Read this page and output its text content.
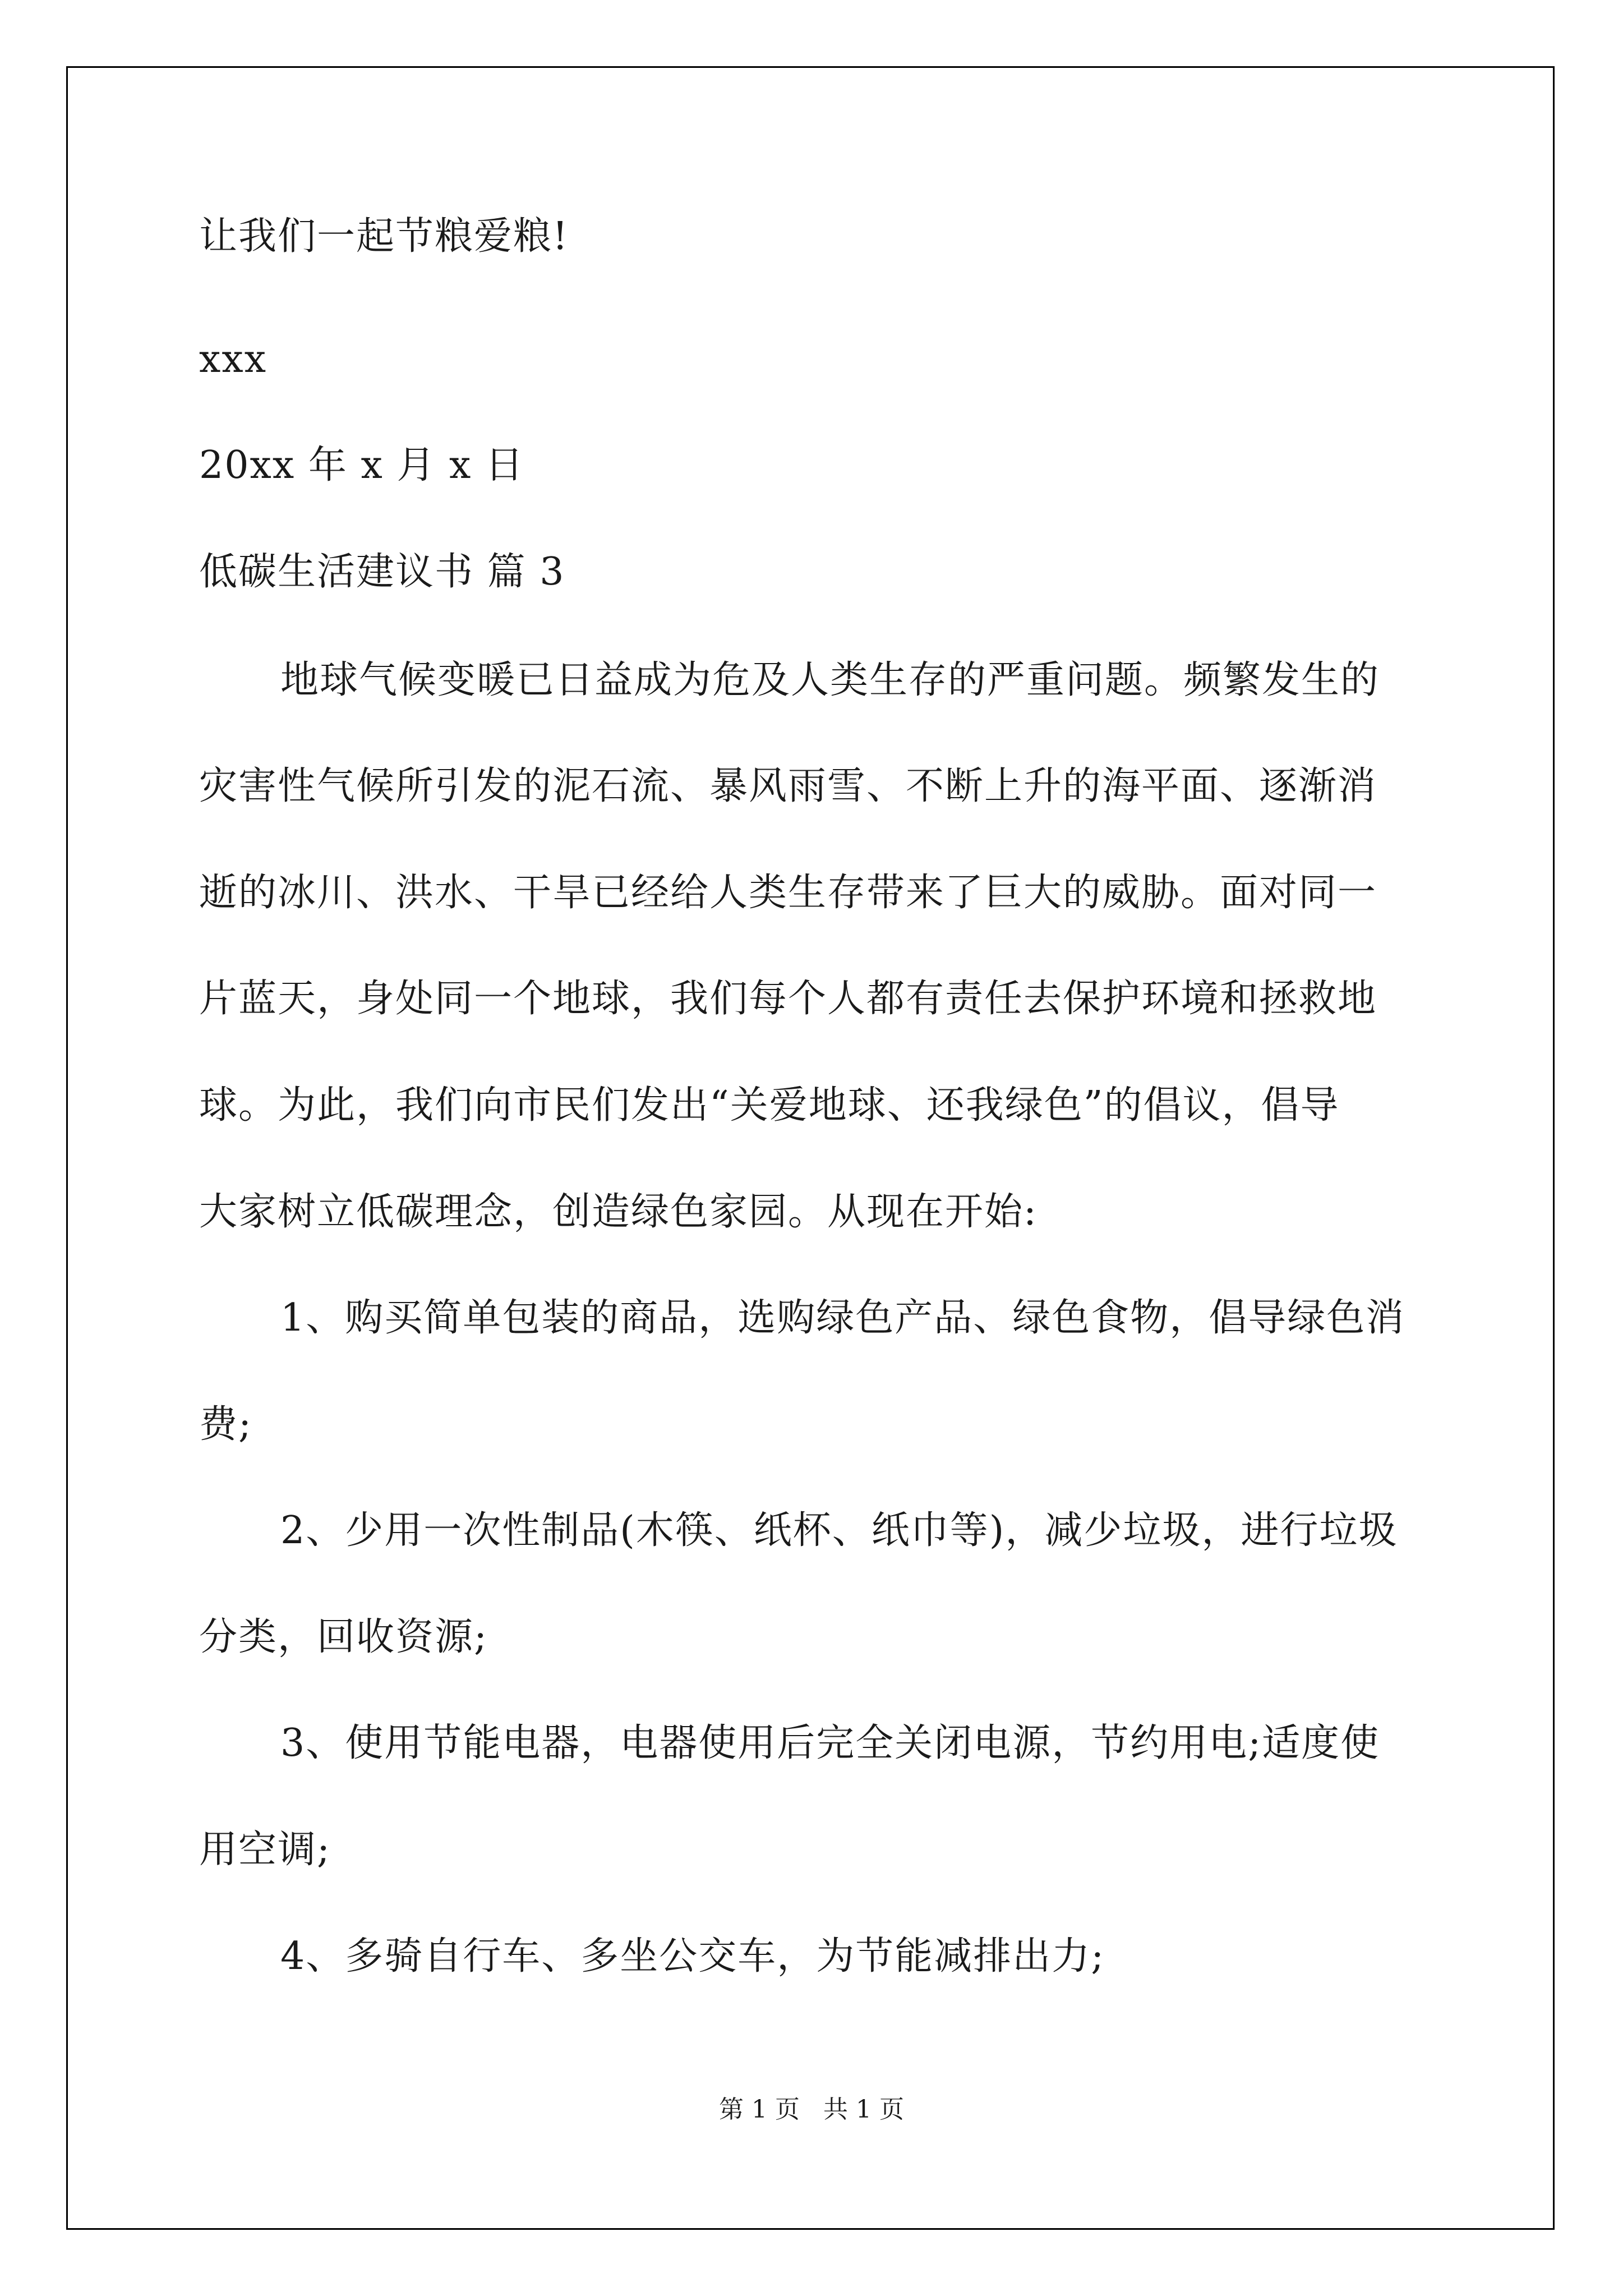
让我们一起节粮爱粮!

xxx

20xx 年 x 月 x 日

低碳生活建议书 篇 3

地球气候变暖已日益成为危及人类生存的严重问题。频繁发生的

灾害性气候所引发的泥石流、暴风雨雪、不断上升的海平面、逐渐消

逝的冰川、洪水、干旱已经给人类生存带来了巨大的威胁。面对同一

片蓝天，身处同一个地球，我们每个人都有责任去保护环境和拯救地

球。为此，我们向市民们发出“关爱地球、还我绿色”的倡议，倡导

大家树立低碳理念，创造绿色家园。从现在开始:

1、购买简单包装的商品，选购绿色产品、绿色食物，倡导绿色消

费;

2、少用一次性制品(木筷、纸杯、纸巾等)，减少垃圾，进行垃圾

分类，回收资源;

3、使用节能电器，电器使用后完全关闭电源，节约用电;适度使

用空调;

4、多骑自行车、多坐公交车，为节能减排出力;

第 1 页   共 1 页
